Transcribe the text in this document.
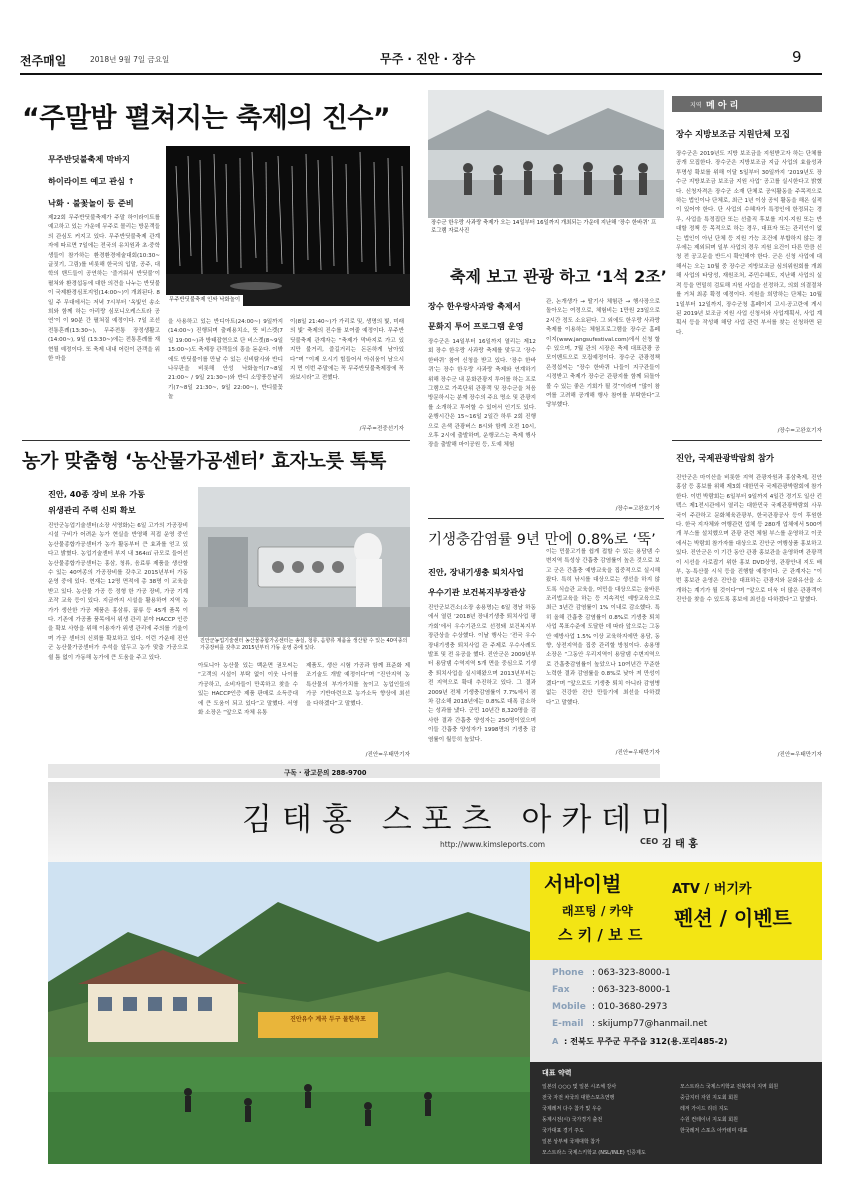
전주매일	2018년 9월 7일 금요일	무주 · 진안 · 장수	9
“주말밤 펼쳐지는 축제의 진수”
무주반딧불축제 막바지
하이라이트 예고 관심 ↑
낙화 · 불꽃놀이 등 준비
무주반딧불축제 인싸 낙화놀이
제22회 무주반딧불축제가 주말 하이라이트를 예고하고 있는 가운데 무주로 몰리는 방문객들의 관심도 커지고 있다. 무주반딧불축제 관계자에 따르면 7일에는 전국의 유치원과 초·중학생들이 참가하는 환경환경에술대회(10:30~ 글짓기, 그림)를 비롯해 한국의 입말, 공주, 대학의 밴드들이 공연하는 ‘즐거워서 반딧불’이 펼쳐와 환경섭동에 대한 의견을 나누는 반딧불이 국제환경심포지엄(14:00~)이 개최된다. 8일 주 무대에서는 저녁 7시부터 ‘옥빛인 송소희와 함께 하는 아리랑 심포니오케스트라 공연’이 이 90분 간 펼쳐질 예정이다. 7일 조선전통혼례(13:30~), 무주전통 장정생활고(14:00~), 9일 (13:30~)에는 전통혼례를 재현될 예정이다. 또 축제 내내 어린이 관객을 위한 마을
을 사용하고 있는 반디아트(24:00~) 9일까지(14:00~) 진행되며 출레용치소, 뜻 비스켓(7일 19:00~)과 방태잡현으로 단 비스켓(8~9일 15:00~)도 축제장 관객들의 흥을 돋운다. 이밖에도 반딧불이를 만날 수 있는 신비탐사와 반디나무판을 비롯해 안성 낙화놀이(7~8일 21:00~ / 9일 21:30~)와 반디 소망풍등날리기(7~8일 21:30~, 9일 22:00~), 반디불꽃놀
이(8일 21:40~)가 가리로 및, 생명의 빛, 미래의 빛’ 축제의 진수를 보여줄 예정이다. 무주반딧불축제 관계자는 “축제가 막바지로 가고 있지만 불거리, 즐길거리는 돈돈하게 남아있다”며 “이제 오시기 힘들어서 아쉬움이 남으시지 면 이번 주말에는 꼭 무주반딧불축제장에 꼭 와보시라”고 전했다.
/무주=전중선기자
농가 맞춤형 ‘농산물가공센터’ 효자노릇 톡톡
진안, 40종 장비 보유 가동
위생관리 주력 신뢰 확보
진안군농업기술센터 농산물종합가공센터는 송실, 청류, 음향류 제품을 생산할 수 있는 40여종의 가공장비를 갖추고 2015년부터 가동 운영 중에 있다.
진안군농업기술센터(소장 서영화)는 6일 고가의 가공장비 시설 구비가 어려운 농가 현실을 반영해 직접 운영 중인 농산물종합가공센터가 농가 활동부터 큰 효과를 얻고 있다고 밝혔다. 농업기술센터 부지 내 364㎡ 규모로 들어선 농산물종합가공센터는 홍삼, 청류, 음료류 제품을 생산할 수 있는 40여종의 가공장비를 갖추고 2015년부터 가동 운영 중에 있다. 현재는 12명 면적에 총 38명 이 교육을 받고 있다. 농산물 가공 등 정형 한 가공 장비, 가공 기계 조작 교육 등이 있다. 지금까지 시설을 활용하여 지역 농가가 생산한 가공 제품은 홍삼류, 꿀류 등 45개 품목 이다. 기존에 가공품 품목에서 위생 관리 분야 HACCP 인증을 확보 사항을 위해 이용자가 위생 관리에 주의를 기울이며 가공 센터의 신뢰를 확보하고 있다. 이런 가운데 진안군 농산물가공센터가 추석을 앞두고 농가 맞춤 가공으로 쉴 틈 없이 가동해 농가에 큰 도움을 주고 있다.
아토니아 농산물 있는 백운면 권모씨는 “고객의 시설이 부탁 없이 이웃 나이를 가공하고, 소비자들이 만족하고 찾을 수 있는 HACCP인증 제품 판매로 소득증대에 큰 도움이 되고 있다”고 말했다. 서영화 소장은 “앞으로 자체 유통
제품도, 생산 시험 가공과 함께 표준화 제조기술도 개발 예정이다”며 “진안지역 농특산물의 부가가치를 높이고 농업인들의 가공 기반마련으로 농가소득 향상에 최선을 다하겠다”고 말했다.
/진안=우태만기자
장수군 한우랑 사과랑 축제가 오는 14일부터 16일까지 개최되는 가운데 지난해 ‘장수 한바퀴’ 프로그램 자료사진
축제 보고 관광 하고 ‘1석 2조’
장수 한우랑사과랑 축제서
문화지 투어 프로그램 운영
장수군은 14일부터 16일까지 열리는 제12회 장수 한우랑 사과랑 축제를 맞두고 ‘장수 한바퀴’ 참여 신청을 받고 있다. ‘장수 한바퀴’는 장수 한우랑 사과랑 축제와 연계하기 위해 장수군 내 문화관광지 투어를 하는 프로그램으로 가족단위 관광객 및 장수군을 처음 방문하시는 분께 장수의 주요 명소 및 관광지를 소개하고 투어할 수 있어서 인기도 있다. 운행시간은 15~16일 2일간 하루 2회 진행으로 은색 관광버스 8시와 함께 오전 10시, 오후 2시에 출발하며, 운행코스는 축제 행사장을 출발해 마이공원 등, 도예 체험
관, 논개생가 → 딸기사 체험관 → 행사장으로 돌아오는 여정으로, 체험비는 1만원 23일으로 2시간 정도 소요된다. 그 외에도 한우랑 사과랑 축제를 이용하는 체험프로그램을 장수군 홈페이지(www.jangsufestival.com)에서 신청 할 수 있으며, 7월 관의 시장은 축제 대표관광 공모이벤트으로 모집예정이다. 장수군 관광정책 은정섭씨는 “장수 한바퀴 나들이 지구관들이 시정받고 축제가 장수군 관광지를 함께 되돌아볼 수 있는 좋은 기회가 될 것”이라며 “많이 참여를 고려해 공개해 행사 참여를 부탁한다”고 당부했다.
/장수=고완호기자
지역 메 아 리
장수 지방보조금 지원단체 모집
장수군은 2019년도 지방 보조금을 지원받고자 하는 단체를 공개 모집한다. 장수군은 지방보조금 지급 사업의 효율성과 투명성 확보를 위해 이달 5일부터 30일까지 ‘2019년도 장수군 지방보조금 보조금 지원 사업’ 공고를 실시한다고 밝혔다. 신청자격은 장수군 소재 단체로 공익활동을 주목적으로 하는 법인이나 단체로, 최근 1년 이상 공익 활동을 해온 실적이 있어야 한다. 단 사업의 수혜자가 특정인에 한정되는 경우, 사업을 특정집단 또는 선출직 후보를 지지·지원 또는 반대할 정책 등 목적으로 하는 경우, 대표자 또는 관리인이 없는 법인이 아닌 단체 등 지원 가능 조건에 부합하지 않는 경우에는 제외되며 일부 사업의 경우 지원 요건이 다른 만큼 신청 전 공고문을 반드시 확인해야 한다. 군은 신청 사업에 대해서는 오는 10월 중 장수군 지방보조금 심의위원회를 개최해 사업의 타당성, 재원조처, 주민수혜도, 지난해 사업의 실적 등을 면밀히 검토해 지원 사업을 선정하고, 의회 의결절차를 거쳐 최종 확정 예정이다. 지원을 희망하는 단체는 10월 1일부터 12일까지, 장수군청 홈페이지 고시·공고란에 게시된 2019년 보조금 지원 사업 신청서와 사업계획서, 사업 계획서 등을 작성해 해당 사업 관련 부서를 찾는 신청하면 된다.
/장수=고완호기자
진안, 국제관광박람회 참가
진안군은 마이산을 비롯한 지역 관광자원과 홍삼축제, 진안홍삼 등 홍보를 위해 제3회 대한민국 국제관광박람회에 참가한다. 이번 박람회는 6일부터 9일까지 4일간 경기도 일산 킨텍스 제1전시관에서 열리는 대한민국 국제관광박람회 사무국이 주관하고 문화체육관광부, 한국관광공사 등이 후원한다. 한국 지자체와 여행관련 업체 등 280개 업체에서 500여개 부스를 설치했으며 관광 관련 체험 부스를 운영하고 이곳에서는 박람회 참가자를 대상으로 진안군 여행상품 홍보하고 있다. 진안군은 이 기간 동안 관광 홍보관을 운영하며 관광객이 시선을 사로잡기 위한 홍보 DVD상영, 관광안내 지도 배부, 농·특산물 시식 등을 진행할 예정이다. 군 관계자는 “이번 홍보관 운영은 진안을 대표하는 관광지와 문화유산을 소개하는 계기가 될 것이다”며 “앞으로 더욱 더 많은 관광객이 진안을 찾을 수 있도록 홍보에 최선을 다하겠다”고 말했다.
/진안=우태만기자
기생충감염률 9년 만에 0.8%로 ‘뚝’
진안, 장내기생충 퇴치사업
우수기관 보건복지부장관상
진안군보건소(소장 송용명)는 6일 경남 하동에서 열린 ‘2018년 장내기생충 퇴치사업 평가회’에서 우수기관으로 선정돼 보건복지부장관상을 수상했다. 이날 행사는 ‘전국 우수 장내기생충 퇴치사업 관 주제로 우수사례도 발표 및 전 유공을 했다. 진안군은 2009년부터 용담댐 수역지역 5개 면을 중심으로 기생충 퇴치사업을 실시해왔으며 2013년부터는 전 지역으로 확대 추진하고 있다. 그 결과 2009년 전체 기생충감염률이 7.7%에서 점차 감소해 2018년에는 0.8%로 대폭 감소하는 성과를 냈다. 군민 10년간 8,320명을 검사한 결과 간흡충 양성자는 250명이었으며 이들 간흡충 양성자가 1998명의 기생충 감염률이 월등히 높았다.
이는 민물고기를 쉽게 접할 수 있는 용담댐 수변지역 특성상 간흡충 감염률이 높은 것으로 보고 군은 간흡충 예방교육을 집중적으로 실시해왔다. 특히 낚시를 대상으로는 생선을 하지 않도록 식습관 교육을, 어민을 대상으로는 올바른 조리법교육을 하는 등 지속적인 예방교육으로 최근 3년간 감염률이 1% 이내로 감소했다. 특히 올해 간흡충 감염률이 0.8%로 기생충 퇴치사업 목표수준에 도달한 데 따라 앞으로는 그동안 예방사업 1.5% 이상 교육하지에만 용담, 동향, 상전지역을 집중 관리할 방침이다. 송용명 소장은 “그동안 우리지역이 용담댐 수변지역으로 간흡충감염률이 높았으나 10여년간 꾸준한 노력한 결과 감염률을 0.8%로 낮아 져 만성이 겠다”며 “앞으로도 기생충 퇴치 아니라 감염병 없는 건강한 진안 만들기에 최선을 다하겠다”고 말했다.
/진안=우태만기자
구독 · 광고문의 288-9700
김태홍 스포츠 아카데미
http://www.kimsleports.com	CEO 김 태 홍
진안유수 계곡 두구 물한목포
서바이벌	ATV / 버기카
래프팅 / 카약
스 키 / 보 드
펜션 / 이벤트
Phone : 063-323-8000-1
Fax	: 063-323-8000-1
Mobile : 010-3680-2973
E-mail : skijump77@hanmail.net
A : 전북도 무주군 무주읍 312(용.포리485-2)
대표 약력
일본의 ○○○ 및 일본 시조체 강사
전국 자전 차국의 대한스포츠연맹
국제레저 다수 참가 및 우승
동계시전(시) 국가경기 출전
국가대표 경기 주도
일본 상부체 국제대학 참가
모스트라스 국제스키학교 (NSL/INLE) 인증제도
모스트라스 국제스키학교 전북하지 지역 회원
중급지터 자원 지도회 회원
레저 가이드 리더 지도
수원 컨테이너 지도회 회원
한국레저 스포츠 아카데미 대표
